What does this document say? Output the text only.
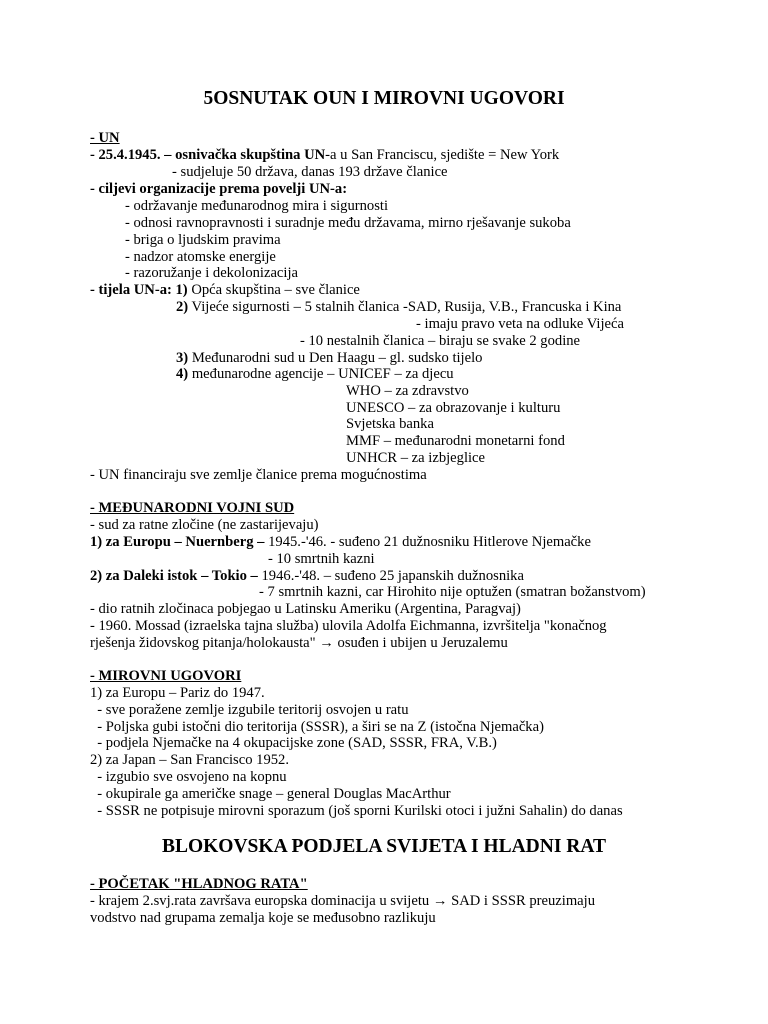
5OSNUTAK OUN I MIROVNI UGOVORI
- UN
- 25.4.1945. – osnivačka skupština UN-a u San Franciscu, sjedište = New York
- sudjeluje 50 država, danas 193 države članice
- ciljevi organizacije prema povelji UN-a:
- održavanje međunarodnog mira i sigurnosti
- odnosi ravnopravnosti i suradnje među državama, mirno rješavanje sukoba
- briga o ljudskim pravima
- nadzor atomske energije
- razoružanje i dekolonizacija
- tijela UN-a: 1) Opća skupština – sve članice
2) Vijeće sigurnosti – 5 stalnih članica -SAD, Rusija, V.B., Francuska i Kina
- imaju pravo veta na odluke Vijeća
- 10 nestalnih članica – biraju se svake 2 godine
3) Međunarodni sud u Den Haagu – gl. sudsko tijelo
4) međunarodne agencije – UNICEF – za djecu
WHO – za zdravstvo
UNESCO – za obrazovanje i kulturu
Svjetska banka
MMF – međunarodni monetarni fond
UNHCR – za izbjeglice
- UN financiraju sve zemlje članice prema mogućnostima
- MEĐUNARODNI VOJNI SUD
- sud za ratne zločine (ne zastarijevaju)
1) za Europu – Nuernberg – 1945.-'46. - suđeno 21 dužnosniku Hitlerove Njemačke
- 10 smrtnih kazni
2) za Daleki istok – Tokio – 1946.-'48. – suđeno 25 japanskih dužnosnika
- 7 smrtnih kazni, car Hirohito nije optužen (smatran božanstvom)
- dio ratnih zločinaca pobjegao u Latinsku Ameriku (Argentina, Paragvaj)
- 1960. Mossad (izraelska tajna služba) ulovila Adolfa Eichmanna, izvršitelja "konačnog
rješenja židovskog pitanja/holokausta" → osuđen i ubijen u Jeruzalemu
- MIROVNI UGOVORI
1) za Europu – Pariz do 1947.
- sve poražene zemlje izgubile teritorij osvojen u ratu
- Poljska gubi istočni dio teritorija (SSSR), a širi se na Z (istočna Njemačka)
- podjela Njemačke na 4 okupacijske zone (SAD, SSSR, FRA, V.B.)
2) za Japan – San Francisco 1952.
- izgubio sve osvojeno na kopnu
- okupirale ga američke snage – general Douglas MacArthur
- SSSR ne potpisuje mirovni sporazum (još sporni Kurilski otoci i južni Sahalin) do danas
BLOKOVSKA PODJELA SVIJETA I HLADNI RAT
- POČETAK "HLADNOG RATA"
- krajem 2.svj.rata završava europska dominacija u svijetu → SAD i SSSR preuzimaju
vodstvo nad grupama zemalja koje se međusobno razlikuju
